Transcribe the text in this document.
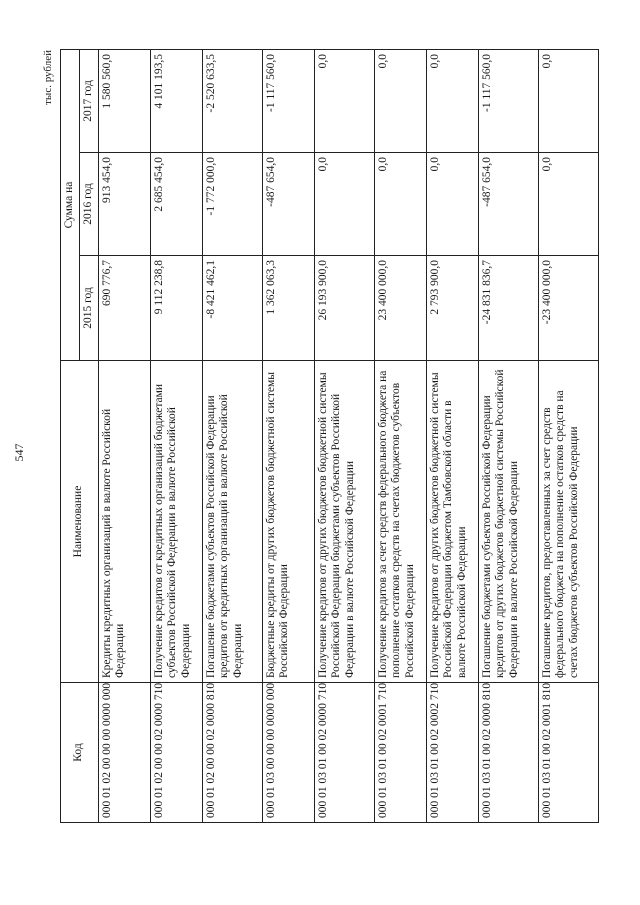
547
тыс. рублей
Код	Наименование	Сумма на		
		2015 год	2016 год	2017 год
000 01 02 00 00 00 0000 000	Кредиты кредитных организаций в валюте Российской Федерации	690 776,7	913 454,0	1 580 560,0
000 01 02 00 00 02 0000 710	Получение кредитов от кредитных организаций бюджетами субъектов Российской Федерации в валюте Российской Федерации	9 112 238,8	2 685 454,0	4 101 193,5
000 01 02 00 00 02 0000 810	Погашение бюджетами субъектов Российской Федерации кредитов от кредитных организаций в валюте Российской Федерации	-8 421 462,1	-1 772 000,0	-2 520 633,5
000 01 03 00 00 00 0000 000	Бюджетные кредиты от других бюджетов бюджетной системы Российской Федерации	1 362 063,3	-487 654,0	-1 117 560,0
000 01 03 01 00 02 0000 710	Получение кредитов от других бюджетов бюджетной системы Российской Федерации бюджетами субъектов Российской Федерации в валюте Российской Федерации	26 193 900,0	0,0	0,0
000 01 03 01 00 02 0001 710	Получение кредитов за счет средств федерального бюджета на пополнение остатков средств на счетах бюджетов субъектов Российской Федерации	23 400 000,0	0,0	0,0
000 01 03 01 00 02 0002 710	Получение кредитов от других бюджетов бюджетной системы Российской Федерации бюджетом Тамбовской области в валюте Российской Федерации	2 793 900,0	0,0	0,0
000 01 03 01 00 02 0000 810	Погашение бюджетами субъектов Российской Федерации кредитов от других бюджетов бюджетной системы Российской Федерации в валюте Российской Федерации	-24 831 836,7	-487 654,0	-1 117 560,0
000 01 03 01 00 02 0001 810	Погашение кредитов, предоставленных за счет средств федерального бюджета на пополнение остатков средств на счетах бюджетов субъектов Российской Федерации	-23 400 000,0	0,0	0,0
